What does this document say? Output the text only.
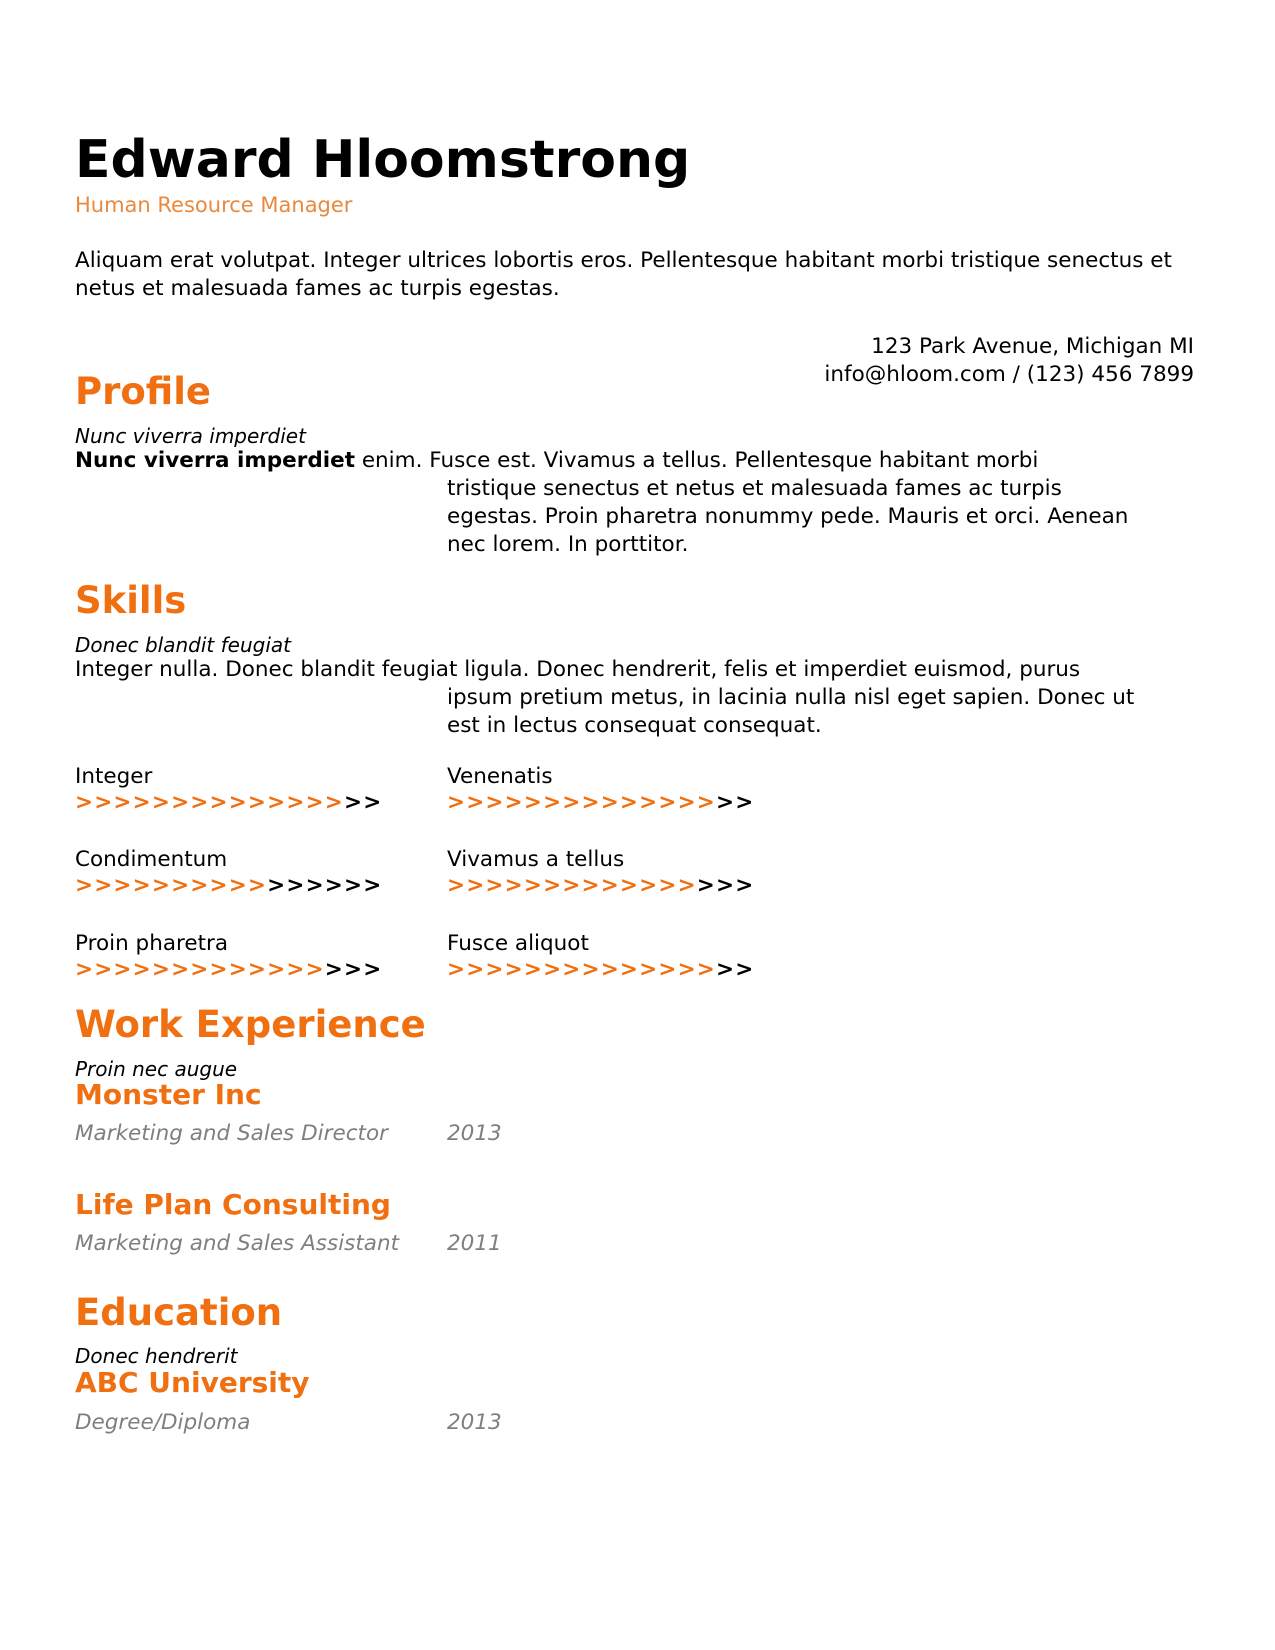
Edward Hloomstrong
Human Resource Manager
Aliquam erat volutpat. Integer ultrices lobortis eros. Pellentesque habitant morbi tristique senectus et netus et malesuada fames ac turpis egestas.
123 Park Avenue, Michigan MI
info@hloom.com / (123) 456 7899
Profile
Nunc viverra imperdiet
Nunc viverra imperdiet enim. Fusce est. Vivamus a tellus. Pellentesque habitant morbi
tristique senectus et netus et malesuada fames ac turpis
egestas. Proin pharetra nonummy pede. Mauris et orci. Aenean
nec lorem. In porttitor.
Skills
Donec blandit feugiat
Integer nulla. Donec blandit feugiat ligula. Donec hendrerit, felis et imperdiet euismod, purus
ipsum pretium metus, in lacinia nulla nisl eget sapien. Donec ut
est in lectus consequat consequat.
Integer
>>>>>>>>>>>>>>>>
Venenatis
>>>>>>>>>>>>>>>>
Condimentum
>>>>>>>>>>>>>>>>
Vivamus a tellus
>>>>>>>>>>>>>>>>
Proin pharetra
>>>>>>>>>>>>>>>>
Fusce aliquot
>>>>>>>>>>>>>>>>
Work Experience
Proin nec augue
Monster Inc
Marketing and Sales Director	2013
Life Plan Consulting
Marketing and Sales Assistant 2011
Education
Donec hendrerit
ABC University
Degree/Diploma	2013
